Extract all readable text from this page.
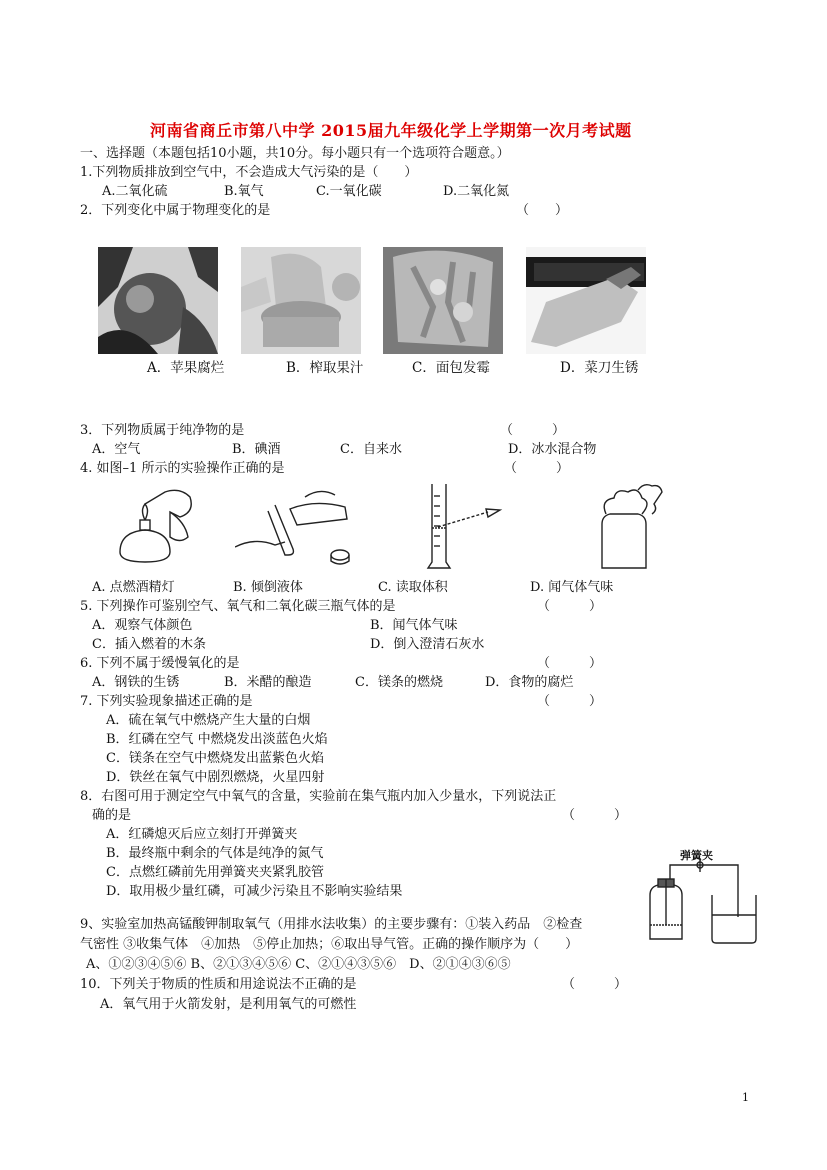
河南省商丘市第八中学 2015届九年级化学上学期第一次月考试题
一、选择题（本题包括10小题，共10分。每小题只有一个选项符合题意。）
1.下列物质排放到空气中，不会造成大气污染的是（　　）
A.二氧化硫	B.氧气	C.一氧化碳	D.二氧化氮
2．下列变化中属于物理变化的是	（　　）
A．苹果腐烂	B．榨取果汁	C．面包发霉	D．菜刀生锈
3．下列物质属于纯净物的是	（　　　）
A．空气	B．碘酒	C．自来水	D．冰水混合物
4. 如图–1 所示的实验操作正确的是	（　　　）
A. 点燃酒精灯	B. 倾倒液体	C. 读取体积	D. 闻气体气味
5. 下列操作可鉴别空气、氧气和二氧化碳三瓶气体的是	（　　　）
A．观察气体颜色	B．闻气体气味
C．插入燃着的木条	D．倒入澄清石灰水
6. 下列不属于缓慢氧化的是	（　　　）
A．钢铁的生锈	B．米醋的酿造	C．镁条的燃烧	D．食物的腐烂
7. 下列实验现象描述正确的是	（　　　）
A．硫在氧气中燃烧产生大量的白烟
B．红磷在空气 中燃烧发出淡蓝色火焰
C．镁条在空气中燃烧发出蓝紫色火焰
D．铁丝在氧气中剧烈燃烧，火星四射
8．右图可用于测定空气中氧气的含量，实验前在集气瓶内加入少量水，下列说法正
确的是	（　　　）
A．红磷熄灭后应立刻打开弹簧夹
B．最终瓶中剩余的气体是纯净的氮气
C．点燃红磷前先用弹簧夹夹紧乳胶管
D．取用极少量红磷，可减少污染且不影响实验结果
弹簧夹
9、实验室加热高锰酸钾制取氧气（用排水法收集）的主要步骤有：①装入药品　②检查
气密性 ③收集气体　④加热　⑤停止加热；⑥取出导气管。正确的操作顺序为（　　）
A、①②③④⑤⑥ B、②①③④⑤⑥ C、②①④③⑤⑥　D、②①④③⑥⑤
10．下列关于物质的性质和用途说法不正确的是	（　　　）
A．氧气用于火箭发射，是利用氧气的可燃性
1
